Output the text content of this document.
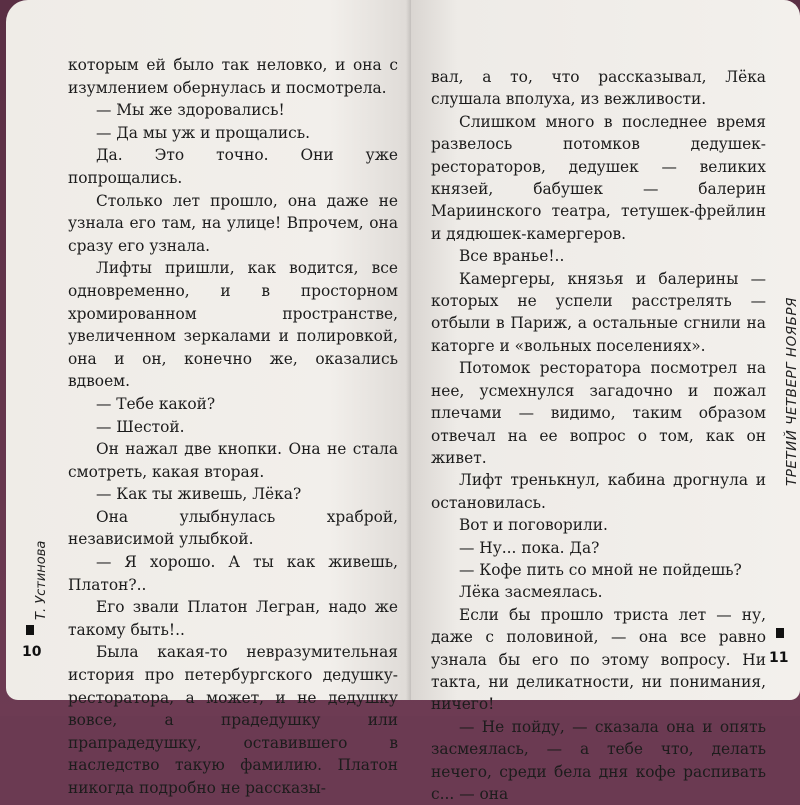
которым ей было так неловко, и она с изумлением обернулась и посмотрела.

— Мы же здоровались!

— Да мы уж и прощались.

Да. Это точно. Они уже попрощались.

Столько лет прошло, она даже не узнала его там, на улице! Впрочем, она сразу его узнала.

Лифты пришли, как водится, все одновременно, и в просторном хромированном пространстве, увеличенном зеркалами и полировкой, она и он, конечно же, оказались вдвоем.

— Тебе какой?

— Шестой.

Он нажал две кнопки. Она не стала смотреть, какая вторая.

— Как ты живешь, Лёка?

Она улыбнулась храброй, независимой улыбкой.

— Я хорошо. А ты как живешь, Платон?..

Его звали Платон Легран, надо же такому быть!..

Была какая-то невразумительная история про петербургского дедушку-ресторатора, а может, и не дедушку вовсе, а прадедушку или прапрадедушку, оставившего в наследство такую фамилию. Платон никогда подробно не рассказы-

Т. Устинова
10

вал, а то, что рассказывал, Лёка слушала вполуха, из вежливости.

Слишком много в последнее время развелось потомков дедушек-рестораторов, дедушек — великих князей, бабушек — балерин Мариинского театра, тетушек-фрейлин и дядюшек-камергеров.

Все вранье!..

Камергеры, князья и балерины — которых не успели расстрелять — отбыли в Париж, а остальные сгнили на каторге и «вольных поселениях».

Потомок ресторатора посмотрел на нее, усмехнулся загадочно и пожал плечами — видимо, таким образом отвечал на ее вопрос о том, как он живет.

Лифт тренькнул, кабина дрогнула и остановилась.

Вот и поговорили.

— Ну... пока. Да?

— Кофе пить со мной не пойдешь?

Лёка засмеялась.

Если бы прошло триста лет — ну, даже с половиной, — она все равно узнала бы его по этому вопросу. Ни такта, ни деликатности, ни понимания, ничего!

— Не пойду, — сказала она и опять засмеялась, — а тебе что, делать нечего, среди бела дня кофе распивать с... — она

ТРЕТИЙ ЧЕТВЕРГ НОЯБРЯ
11
